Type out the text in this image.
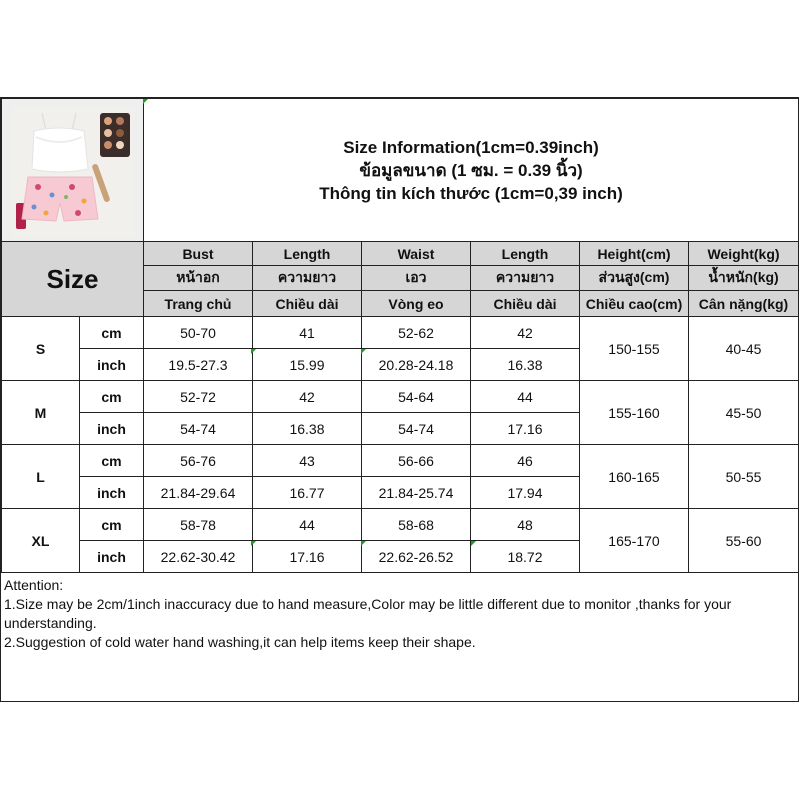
Size Information(1cm=0.39inch)
ข้อมูลขนาด (1 ซม. = 0.39 นิ้ว)
Thông tin kích thước (1cm=0,39 inch)					

Size		Bust	Length	Waist	Length	Height(cm)	Weight(kg)
		หน้าอก	ความยาว	เอว	ความยาว	ส่วนสูง(cm)	น้ำหนัก(kg)
		Trang chủ	Chiều dài	Vòng eo	Chiều dài	Chiều cao(cm)	Cân nặng(kg)
S	cm	50-70	41	52-62	42	150-155	40-45
	inch	19.5-27.3	15.99	20.28-24.18	16.38		
M	cm	52-72	42	54-64	44	155-160	45-50
	inch	54-74	16.38	54-74	17.16		
L	cm	56-76	43	56-66	46	160-165	50-55
	inch	21.84-29.64	16.77	21.84-25.74	17.94		
XL	cm	58-78	44	58-68	48	165-170	55-60
	inch	22.62-30.42	17.16	22.62-26.52	18.72		
Attention:
1.Size may be 2cm/1inch inaccuracy due to hand measure,Color may be little different due to monitor ,thanks for your understanding.
2.Suggestion of cold water hand washing,it can help items keep their shape.
